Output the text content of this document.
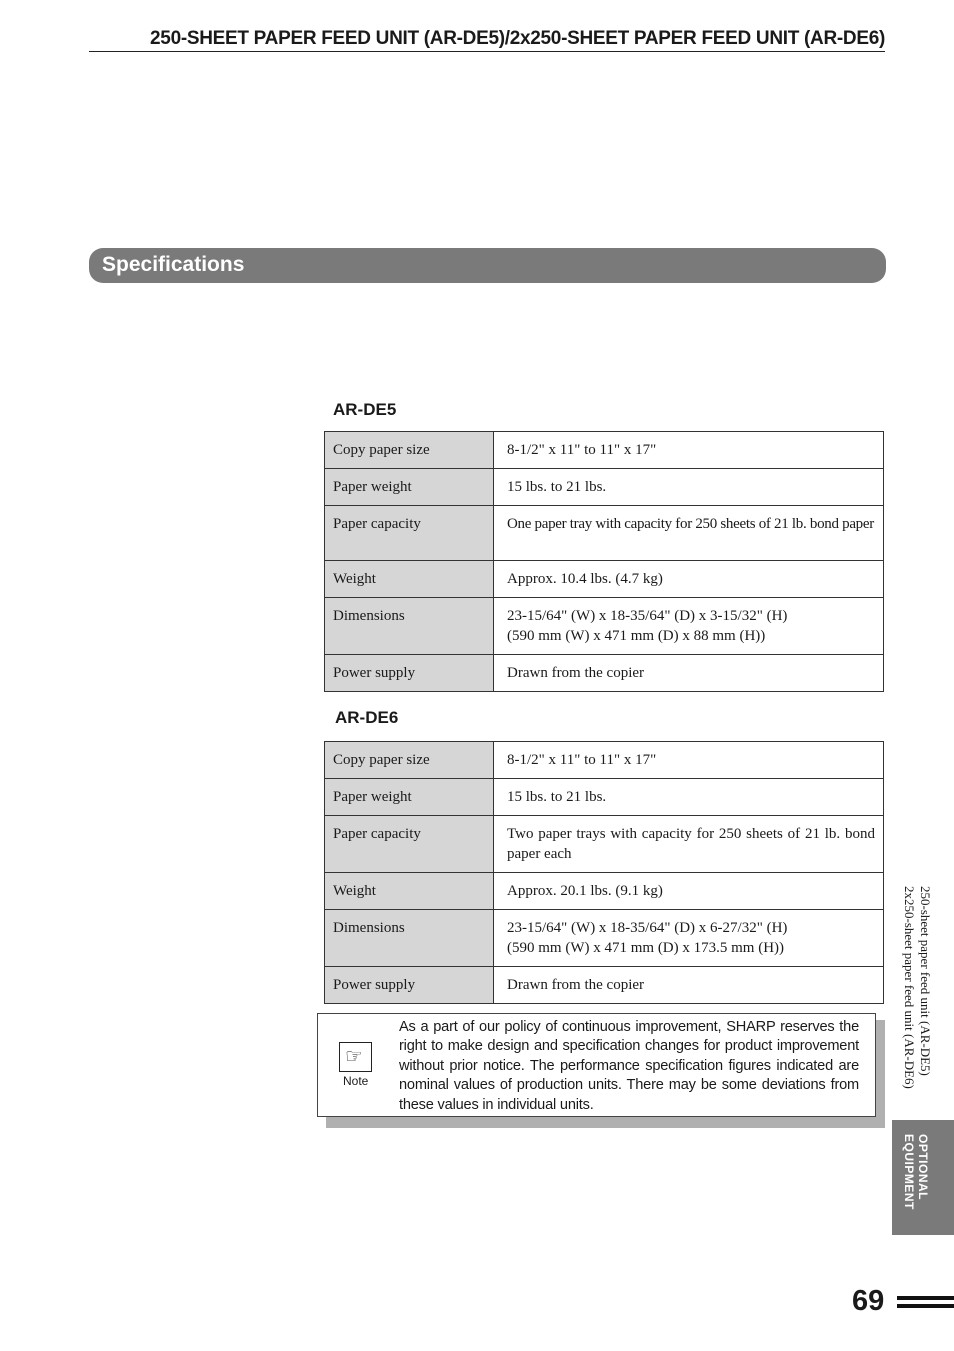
250-SHEET PAPER FEED UNIT (AR-DE5)/2x250-SHEET PAPER FEED UNIT (AR-DE6)
Specifications
AR-DE5
Copy paper size	8-1/2" x 11" to 11" x 17"
Paper weight	15 lbs. to 21 lbs.
Paper capacity	One paper tray with capacity for 250 sheets of 21 lb. bond paper
Weight	Approx. 10.4 lbs. (4.7 kg)
Dimensions	23-15/64" (W) x 18-35/64" (D) x 3-15/32" (H)
(590 mm (W) x 471 mm (D) x 88 mm (H))

Power supply	Drawn from the copier
AR-DE6
Copy paper size	8-1/2" x 11" to 11" x 17"
Paper weight	15 lbs. to 21 lbs.
Paper capacity	Two paper trays with capacity for 250 sheets of 21 lb. bond paper each
Weight	Approx. 20.1 lbs. (9.1 kg)
Dimensions	23-15/64" (W) x 18-35/64" (D) x 6-27/32" (H)
(590 mm (W) x 471 mm (D) x 173.5 mm (H))

Power supply	Drawn from the copier
☞
Note
As a part of our policy of continuous improvement, SHARP reserves the right to make design and specification changes for product improvement without prior notice. The performance specification figures indicated are nominal values of production units. There may be some deviations from these values in individual units.
250-sheet paper feed unit (AR-DE5)
2x250-sheet paper feed unit (AR-DE6)
OPTIONAL
EQUIPMENT
69
